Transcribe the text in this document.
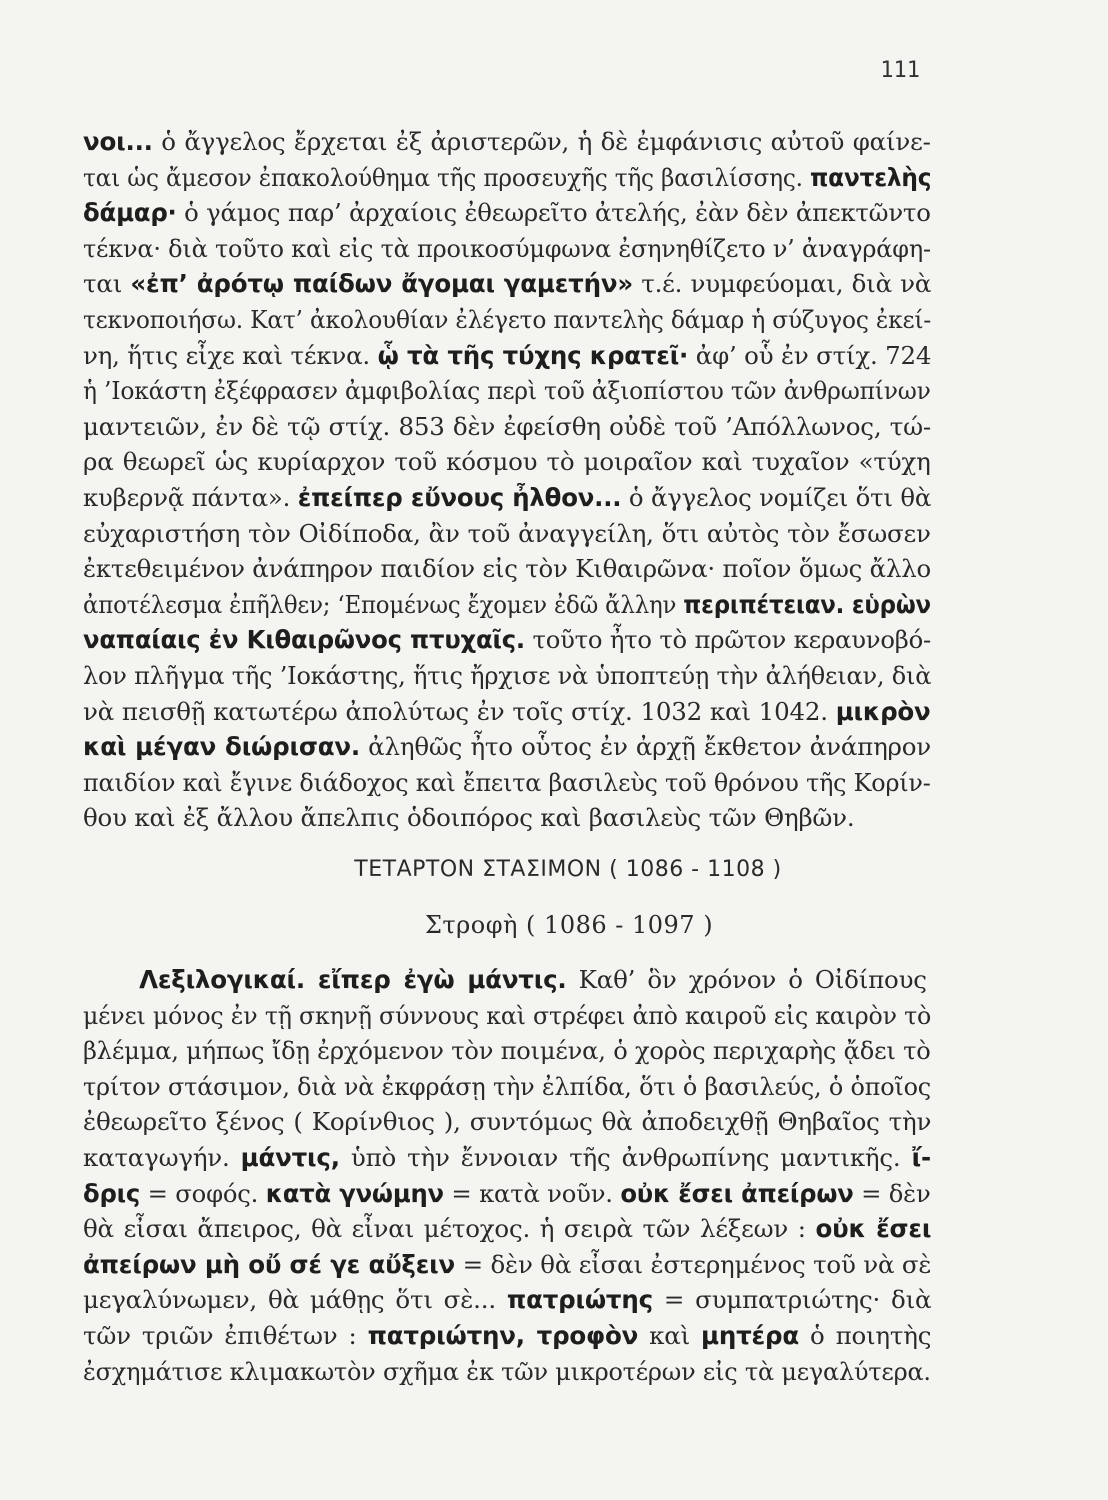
111
νοι... ὁ ἄγγελος ἔρχεται ἐξ ἀριστερῶν, ἡ δὲ ἐμφάνισις αὐτοῦ φαίνε-
ται ὡς ἄμεσον ἐπακολούθημα τῆς προσευχῆς τῆς βασιλίσσης. παντελὴς
δάμαρ· ὁ γάμος παρ’ ἀρχαίοις ἐθεωρεῖτο ἀτελής, ἐὰν δὲν ἀπεκτῶντο
τέκνα· διὰ τοῦτο καὶ εἰς τὰ προικοσύμφωνα ἐσηνηθίζετο ν’ ἀναγράφη-
ται «ἐπ’ ἀρότῳ παίδων ἄγομαι γαμετήν» τ.έ. νυμφεύομαι, διὰ νὰ
τεκνοποιήσω. Κατ’ ἀκολουθίαν ἐλέγετο παντελὴς δάμαρ ἡ σύζυγος ἐκεί-
νη, ἥτις εἶχε καὶ τέκνα. ᾧ τὰ τῆς τύχης κρατεῖ· ἀφ’ οὗ ἐν στίχ. 724
ἡ ’Ιοκάστη ἐξέφρασεν ἀμφιβολίας περὶ τοῦ ἀξιοπίστου τῶν ἀνθρωπίνων
μαντειῶν, ἐν δὲ τῷ στίχ. 853 δὲν ἐφείσθη οὐδὲ τοῦ ’Απόλλωνος, τώ-
ρα θεωρεῖ ὡς κυρίαρχον τοῦ κόσμου τὸ μοιραῖον καὶ τυχαῖον «τύχη
κυβερνᾷ πάντα». ἐπείπερ εὔνους ἦλθον... ὁ ἄγγελος νομίζει ὅτι θὰ
εὐχαριστήση τὸν Οἰδίποδα, ἂν τοῦ ἀναγγείλη, ὅτι αὐτὸς τὸν ἔσωσεν
ἐκτεθειμένον ἀνάπηρον παιδίον εἰς τὸν Κιθαιρῶνα· ποῖον ὅμως ἄλλο
ἀποτέλεσμα ἐπῆλθεν; ‘Επομένως ἔχομεν ἐδῶ ἄλλην περιπέτειαν. εὑρὼν
ναπαίαις ἐν Κιθαιρῶνος πτυχαῖς. τοῦτο ἦτο τὸ πρῶτον κεραυνοβό-
λον πλῆγμα τῆς ’Ιοκάστης, ἥτις ἤρχισε νὰ ὑποπτεύῃ τὴν ἀλήθειαν, διὰ
νὰ πεισθῇ κατωτέρω ἀπολύτως ἐν τοῖς στίχ. 1032 καὶ 1042. μικρὸν
καὶ μέγαν διώρισαν. ἀληθῶς ἦτο οὗτος ἐν ἀρχῇ ἔκθετον ἀνάπηρον
παιδίον καὶ ἔγινε διάδοχος καὶ ἔπειτα βασιλεὺς τοῦ θρόνου τῆς Κορίν-
θου καὶ ἐξ ἄλλου ἄπελπις ὁδοιπόρος καὶ βασιλεὺς τῶν Θηβῶν.
ΤΕΤΑΡΤΟΝ ΣΤΑΣΙΜΟΝ ( 1086 - 1108 )
Στροφὴ ( 1086 - 1097 )
Λεξιλογικαί. εἴπερ ἐγὼ μάντις. Καθ’ ὃν χρόνον ὁ Οἰδίπους
μένει μόνος ἐν τῇ σκηνῇ σύννους καὶ στρέφει ἀπὸ καιροῦ εἰς καιρὸν τὸ
βλέμμα, μήπως ἴδῃ ἐρχόμενον τὸν ποιμένα, ὁ χορὸς περιχαρὴς ᾄδει τὸ
τρίτον στάσιμον, διὰ νὰ ἐκφράσῃ τὴν ἐλπίδα, ὅτι ὁ βασιλεύς, ὁ ὁποῖος
ἐθεωρεῖτο ξένος ( Κορίνθιος ), συντόμως θὰ ἀποδειχθῇ Θηβαῖος τὴν
καταγωγήν. μάντις, ὑπὸ τὴν ἔννοιαν τῆς ἀνθρωπίνης μαντικῆς. ἴ-
δρις = σοφός. κατὰ γνώμην = κατὰ νοῦν. οὐκ ἔσει ἀπείρων = δὲν
θὰ εἶσαι ἄπειρος, θὰ εἶναι μέτοχος. ἡ σειρὰ τῶν λέξεων : οὐκ ἔσει
ἀπείρων μὴ οὔ σέ γε αὔξειν = δὲν θὰ εἶσαι ἐστερημένος τοῦ νὰ σὲ
μεγαλύνωμεν, θὰ μάθῃς ὅτι σὲ... πατριώτης = συμπατριώτης· διὰ
τῶν τριῶν ἐπιθέτων : πατριώτην, τροφὸν καὶ μητέρα ὁ ποιητὴς
ἐσχημάτισε κλιμακωτὸν σχῆμα ἐκ τῶν μικροτέρων εἰς τὰ μεγαλύτερα.
